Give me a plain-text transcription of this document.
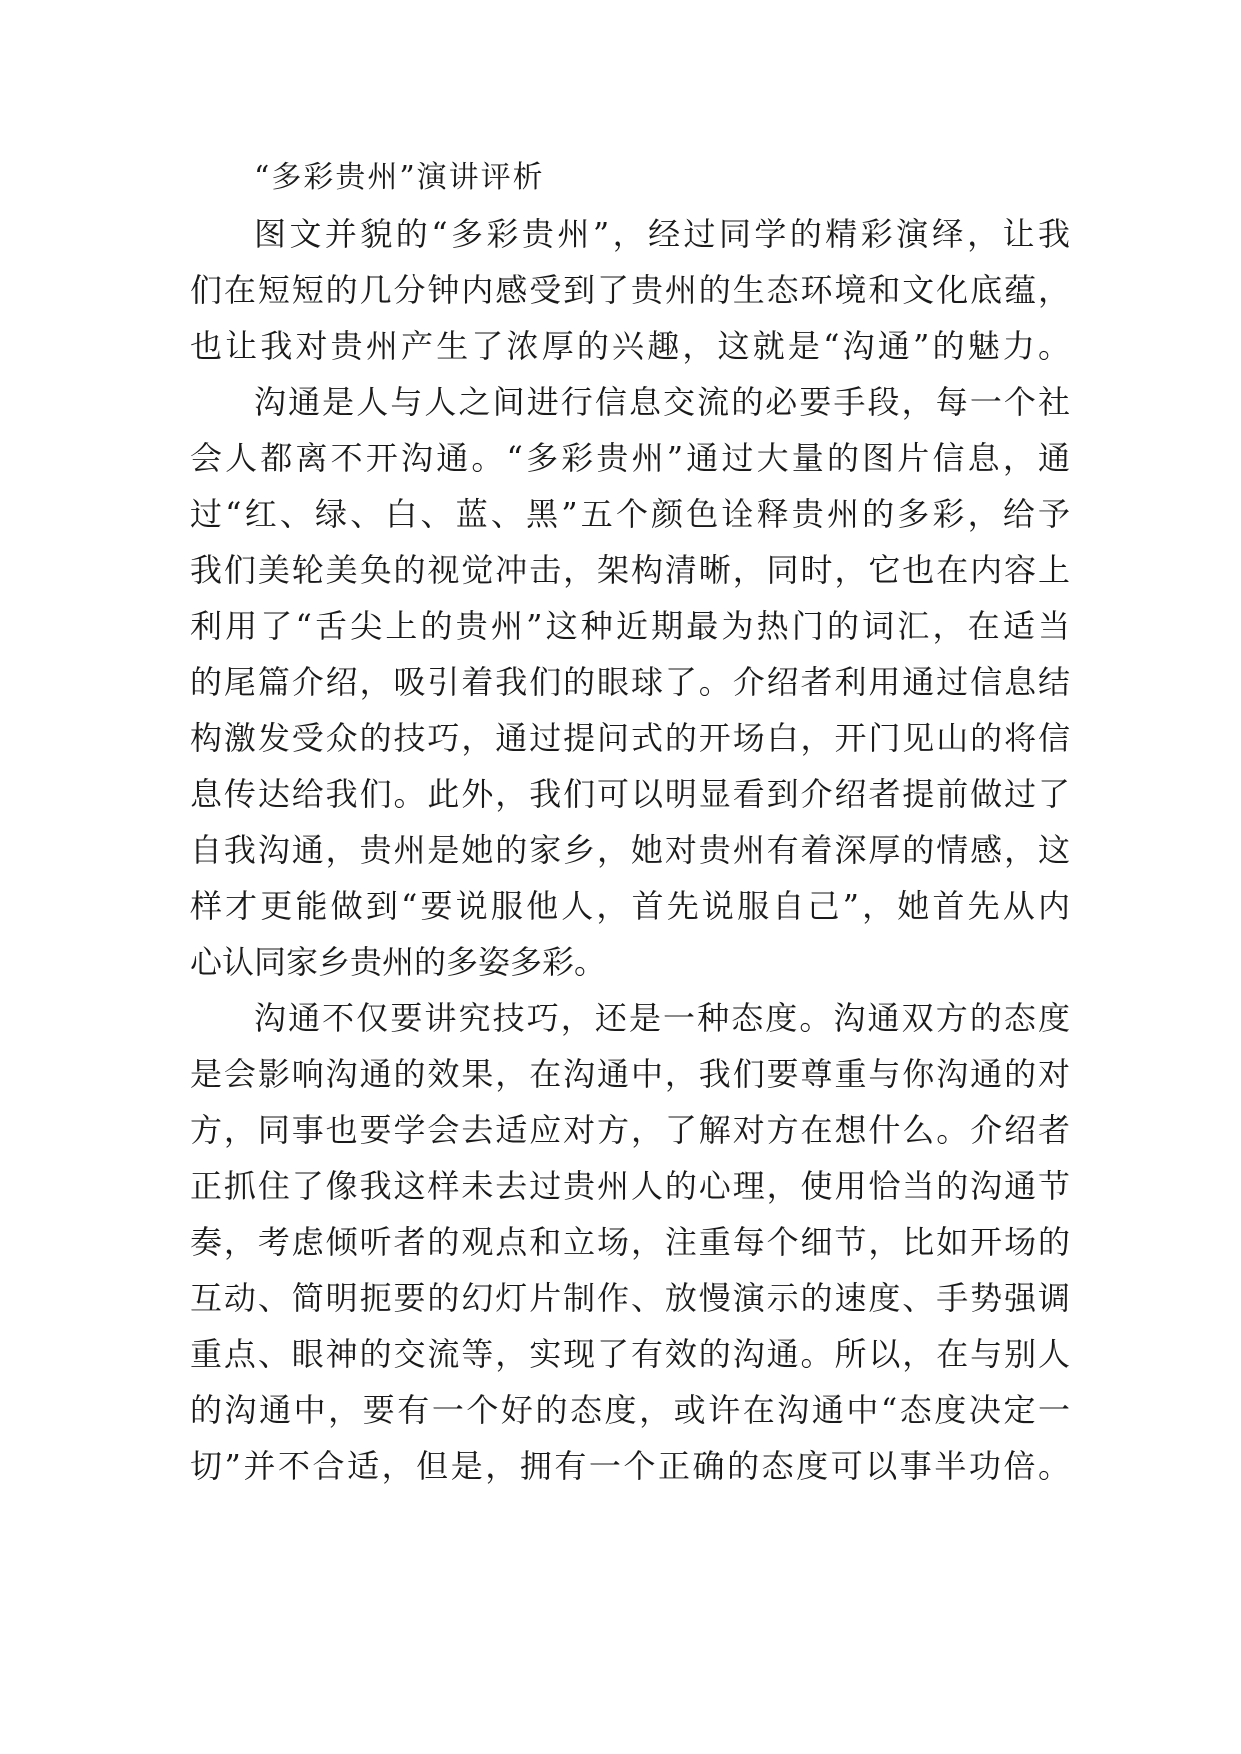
“多彩贵州”演讲评析

图文并貌的“多彩贵州”，经过同学的精彩演绎，让我
们在短短的几分钟内感受到了贵州的生态环境和文化底蕴，
也让我对贵州产生了浓厚的兴趣，这就是“沟通”的魅力。

沟通是人与人之间进行信息交流的必要手段，每一个社
会人都离不开沟通。“多彩贵州”通过大量的图片信息，通
过“红、绿、白、蓝、黑”五个颜色诠释贵州的多彩，给予
我们美轮美奂的视觉冲击，架构清晰，同时，它也在内容上
利用了“舌尖上的贵州”这种近期最为热门的词汇，在适当
的尾篇介绍，吸引着我们的眼球了。介绍者利用通过信息结
构激发受众的技巧，通过提问式的开场白，开门见山的将信
息传达给我们。此外，我们可以明显看到介绍者提前做过了
自我沟通，贵州是她的家乡，她对贵州有着深厚的情感，这
样才更能做到“要说服他人，首先说服自己”，她首先从内
心认同家乡贵州的多姿多彩。

沟通不仅要讲究技巧，还是一种态度。沟通双方的态度
是会影响沟通的效果，在沟通中，我们要尊重与你沟通的对
方，同事也要学会去适应对方，了解对方在想什么。介绍者
正抓住了像我这样未去过贵州人的心理，使用恰当的沟通节
奏，考虑倾听者的观点和立场，注重每个细节，比如开场的
互动、简明扼要的幻灯片制作、放慢演示的速度、手势强调
重点、眼神的交流等，实现了有效的沟通。所以，在与别人
的沟通中，要有一个好的态度，或许在沟通中“态度决定一
切”并不合适，但是，拥有一个正确的态度可以事半功倍。
